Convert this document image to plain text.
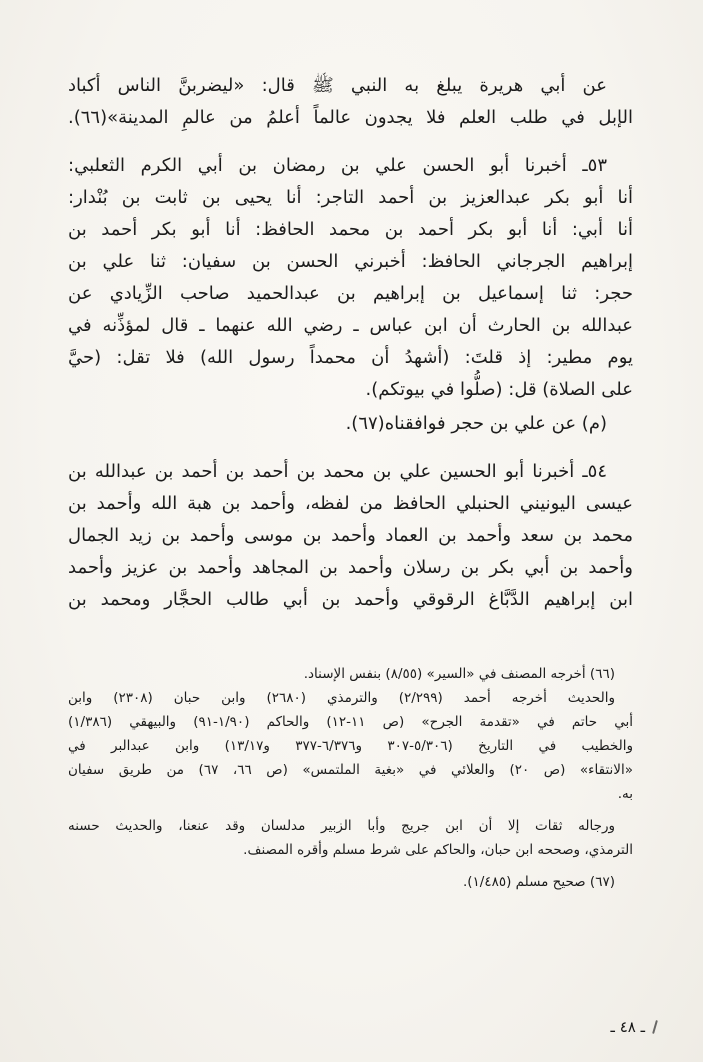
عن أبي هريرة يبلغ به النبي ﷺ قال: «ليضربنَّ الناس أكباد
الإبل في طلب العلم فلا يجدون عالماً أعلمُ من عالمِ المدينة»(٦٦).
٥٣ـ أخبرنا أبو الحسن علي بن رمضان بن أبي الكرم الثعلبي:
أنا أبو بكر عبدالعزيز بن أحمد التاجر: أنا يحيى بن ثابت بن بُنْدار:
أنا أبي: أنا أبو بكر أحمد بن محمد الحافظ: أنا أبو بكر أحمد بن
إبراهيم الجرجاني الحافظ: أخبرني الحسن بن سفيان: ثنا علي بن
حجر: ثنا إسماعيل بن إبراهيم بن عبدالحميد صاحب الزِّيادي عن
عبدالله بن الحارث أن ابن عباس ـ رضي الله عنهما ـ قال لمؤذِّنه في
يوم مطير: إذ قلتَ: (أشهدُ أن محمداً رسول الله) فلا تقل: (حيَّ
على الصلاة) قل: (صلُّوا في بيوتكم).
(م) عن علي بن حجر فوافقناه(٦٧).
٥٤ـ أخبرنا أبو الحسين علي بن محمد بن أحمد بن أحمد بن عبدالله بن
عيسى اليونيني الحنبلي الحافظ من لفظه، وأحمد بن هبة الله وأحمد بن
محمد بن سعد وأحمد بن العماد وأحمد بن موسى وأحمد بن زيد الجمال
وأحمد بن أبي بكر بن رسلان وأحمد بن المجاهد وأحمد بن عزيز وأحمد
ابن إبراهيم الدَّبَّاغ الرقوقي وأحمد بن أبي طالب الحجَّار ومحمد بن
(٦٦) أخرجه المصنف في «السير» (٨/٥٥) بنفس الإسناد.
والحديث أخرجه أحمد (٢/٢٩٩) والترمذي (٢٦٨٠) وابن حبان (٢٣٠٨) وابن
أبي حاتم في «تقدمة الجرح» (ص ١١-١٢) والحاكم (١/٩٠-٩١) والبيهقي (١/٣٨٦)
والخطيب في التاريخ (٥/٣٠٦-٣٠٧ و٦/٣٧٦-٣٧٧ و١٣/١٧) وابن عبدالبر في
«الانتقاء» (ص ٢٠) والعلائي في «بغية الملتمس» (ص ٦٦، ٦٧) من طريق سفيان
به.
ورجاله ثقات إلا أن ابن جريج وأبا الزبير مدلسان وقد عنعنا، والحديث حسنه
الترمذي، وصححه ابن حبان، والحاكم على شرط مسلم وأقره المصنف.
(٦٧) صحيح مسلم (١/٤٨٥).
ـ ٤٨ ـ
